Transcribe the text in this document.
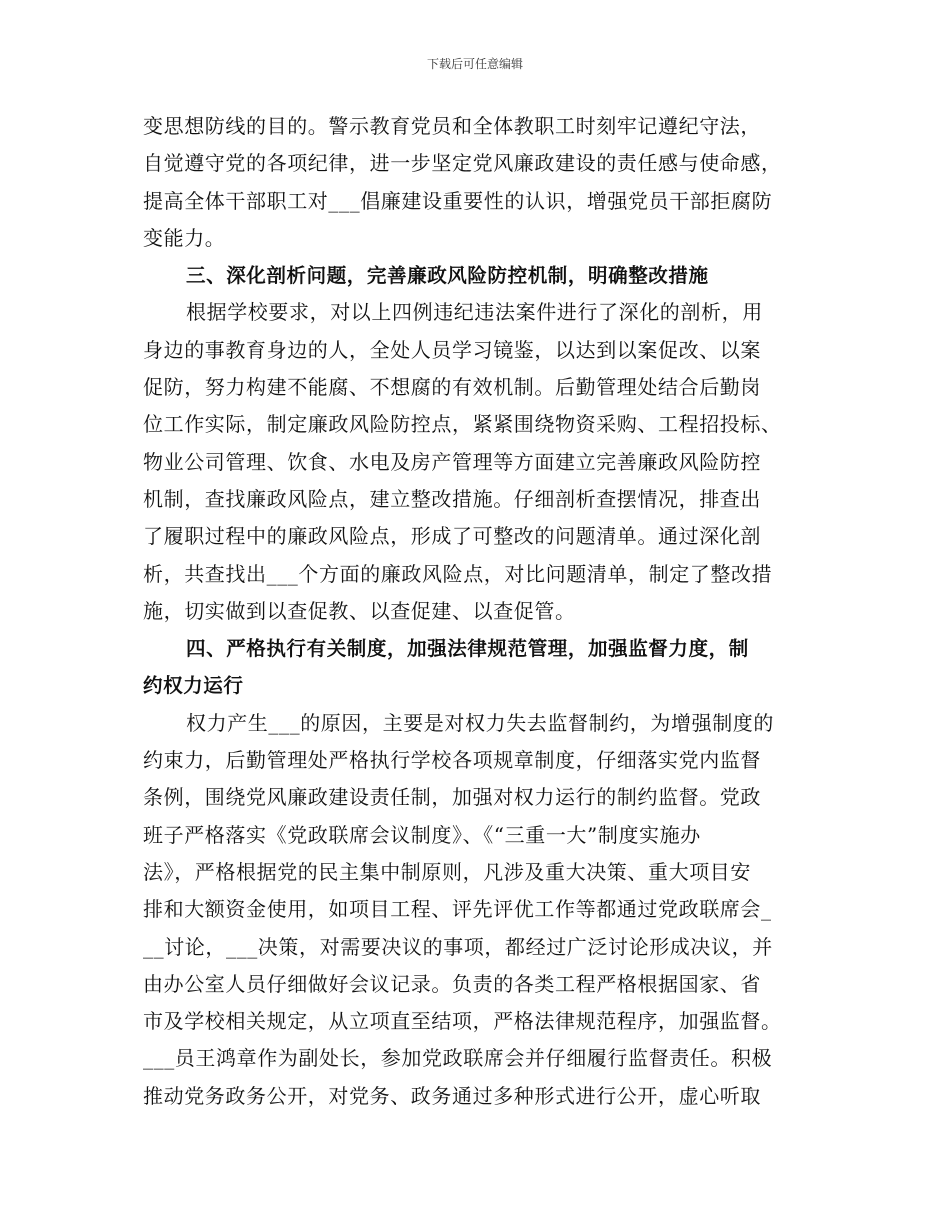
下载后可任意编辑
变思想防线的目的。警示教育党员和全体教职工时刻牢记遵纪守法，
自觉遵守党的各项纪律，进一步坚定党风廉政建设的责任感与使命感，
提高全体干部职工对___倡廉建设重要性的认识，增强党员干部拒腐防
变能力。
三、深化剖析问题，完善廉政风险防控机制，明确整改措施
根据学校要求，对以上四例违纪违法案件进行了深化的剖析，用
身边的事教育身边的人，全处人员学习镜鉴，以达到以案促改、以案
促防，努力构建不能腐、不想腐的有效机制。后勤管理处结合后勤岗
位工作实际，制定廉政风险防控点，紧紧围绕物资采购、工程招投标、
物业公司管理、饮食、水电及房产管理等方面建立完善廉政风险防控
机制，查找廉政风险点，建立整改措施。仔细剖析查摆情况，排查出
了履职过程中的廉政风险点，形成了可整改的问题清单。通过深化剖
析，共查找出___个方面的廉政风险点，对比问题清单，制定了整改措
施，切实做到以查促教、以查促建、以查促管。
四、严格执行有关制度，加强法律规范管理，加强监督力度，制
约权力运行
权力产生___的原因，主要是对权力失去监督制约，为增强制度的
约束力，后勤管理处严格执行学校各项规章制度，仔细落实党内监督
条例，围绕党风廉政建设责任制，加强对权力运行的制约监督。党政
班子严格落实《党政联席会议制度》、《“三重一大”制度实施办
法》，严格根据党的民主集中制原则，凡涉及重大决策、重大项目安
排和大额资金使用，如项目工程、评先评优工作等都通过党政联席会_
__讨论，___决策，对需要决议的事项，都经过广泛讨论形成决议，并
由办公室人员仔细做好会议记录。负责的各类工程严格根据国家、省
市及学校相关规定，从立项直至结项，严格法律规范程序，加强监督。
___员王鸿章作为副处长，参加党政联席会并仔细履行监督责任。积极
推动党务政务公开，对党务、政务通过多种形式进行公开，虚心听取
